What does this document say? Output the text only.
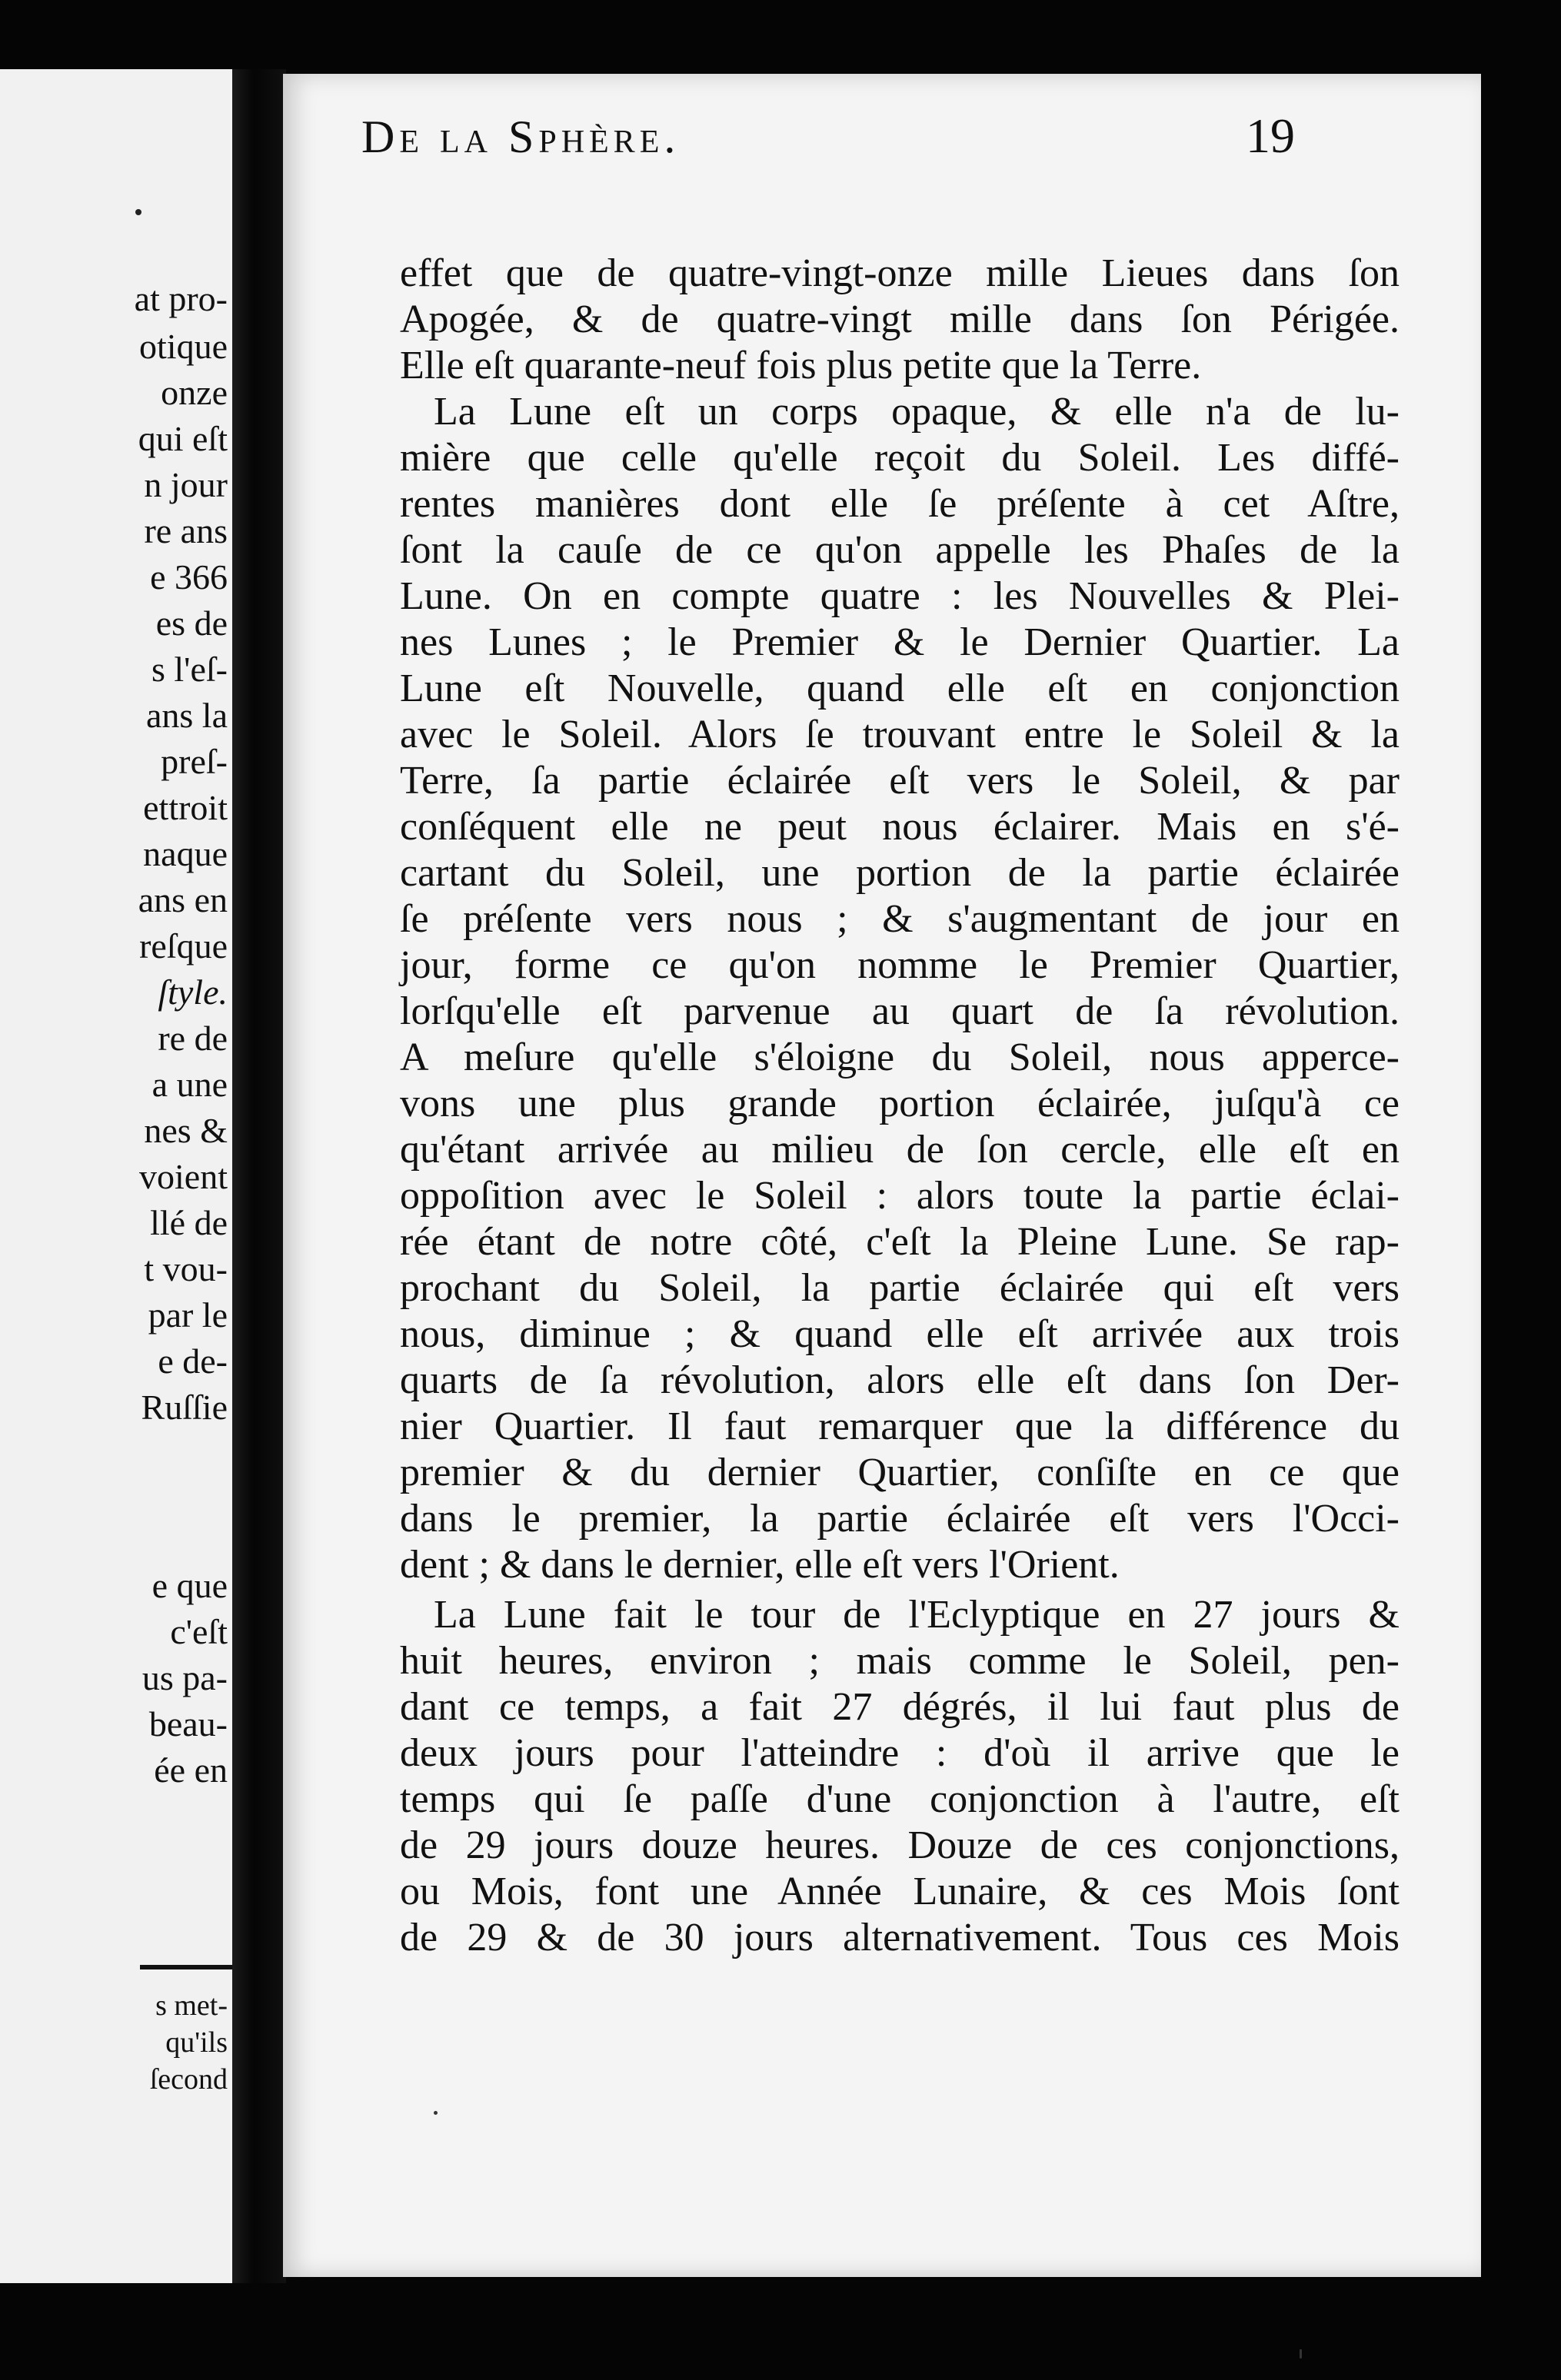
at pro-
otique
onze
qui eſt
n jour
re ans
e 366
es de
s l'eſ-
ans la
preſ-
ettroit
naque
ans en
reſque
ſtyle.
re de
a une
nes &
voient
llé de
t vou-
par le
e de-
Ruſſie
e que
c'eſt
us pa-
beau-
ée en
s met-
qu'ils
ſecond
De la Sphère.	19
effet que de quatre-vingt-onze mille Lieues dans ſon
Apogée, & de quatre-vingt mille dans ſon Périgée.
Elle eſt quarante-neuf fois plus petite que la Terre.
La Lune eſt un corps opaque, & elle n'a de lu-
mière que celle qu'elle reçoit du Soleil. Les diffé-
rentes manières dont elle ſe préſente à cet Aſtre,
ſont la cauſe de ce qu'on appelle les Phaſes de la
Lune. On en compte quatre : les Nouvelles & Plei-
nes Lunes ; le Premier & le Dernier Quartier. La
Lune eſt Nouvelle, quand elle eſt en conjonction
avec le Soleil. Alors ſe trouvant entre le Soleil & la
Terre, ſa partie éclairée eſt vers le Soleil, & par
conſéquent elle ne peut nous éclairer. Mais en s'é-
cartant du Soleil, une portion de la partie éclairée
ſe préſente vers nous ; & s'augmentant de jour en
jour, forme ce qu'on nomme le Premier Quartier,
lorſqu'elle eſt parvenue au quart de ſa révolution.
A meſure qu'elle s'éloigne du Soleil, nous apperce-
vons une plus grande portion éclairée, juſqu'à ce
qu'étant arrivée au milieu de ſon cercle, elle eſt en
oppoſition avec le Soleil : alors toute la partie éclai-
rée étant de notre côté, c'eſt la Pleine Lune. Se rap-
prochant du Soleil, la partie éclairée qui eſt vers
nous, diminue ; & quand elle eſt arrivée aux trois
quarts de ſa révolution, alors elle eſt dans ſon Der-
nier Quartier. Il faut remarquer que la différence du
premier & du dernier Quartier, conſiſte en ce que
dans le premier, la partie éclairée eſt vers l'Occi-
dent ; & dans le dernier, elle eſt vers l'Orient.
La Lune fait le tour de l'Eclyptique en 27 jours &
huit heures, environ ; mais comme le Soleil, pen-
dant ce temps, a fait 27 dégrés, il lui faut plus de
deux jours pour l'atteindre : d'où il arrive que le
temps qui ſe paſſe d'une conjonction à l'autre, eſt
de 29 jours douze heures. Douze de ces conjonctions,
ou Mois, font une Année Lunaire, & ces Mois ſont
de 29 & de 30 jours alternativement. Tous ces Mois
